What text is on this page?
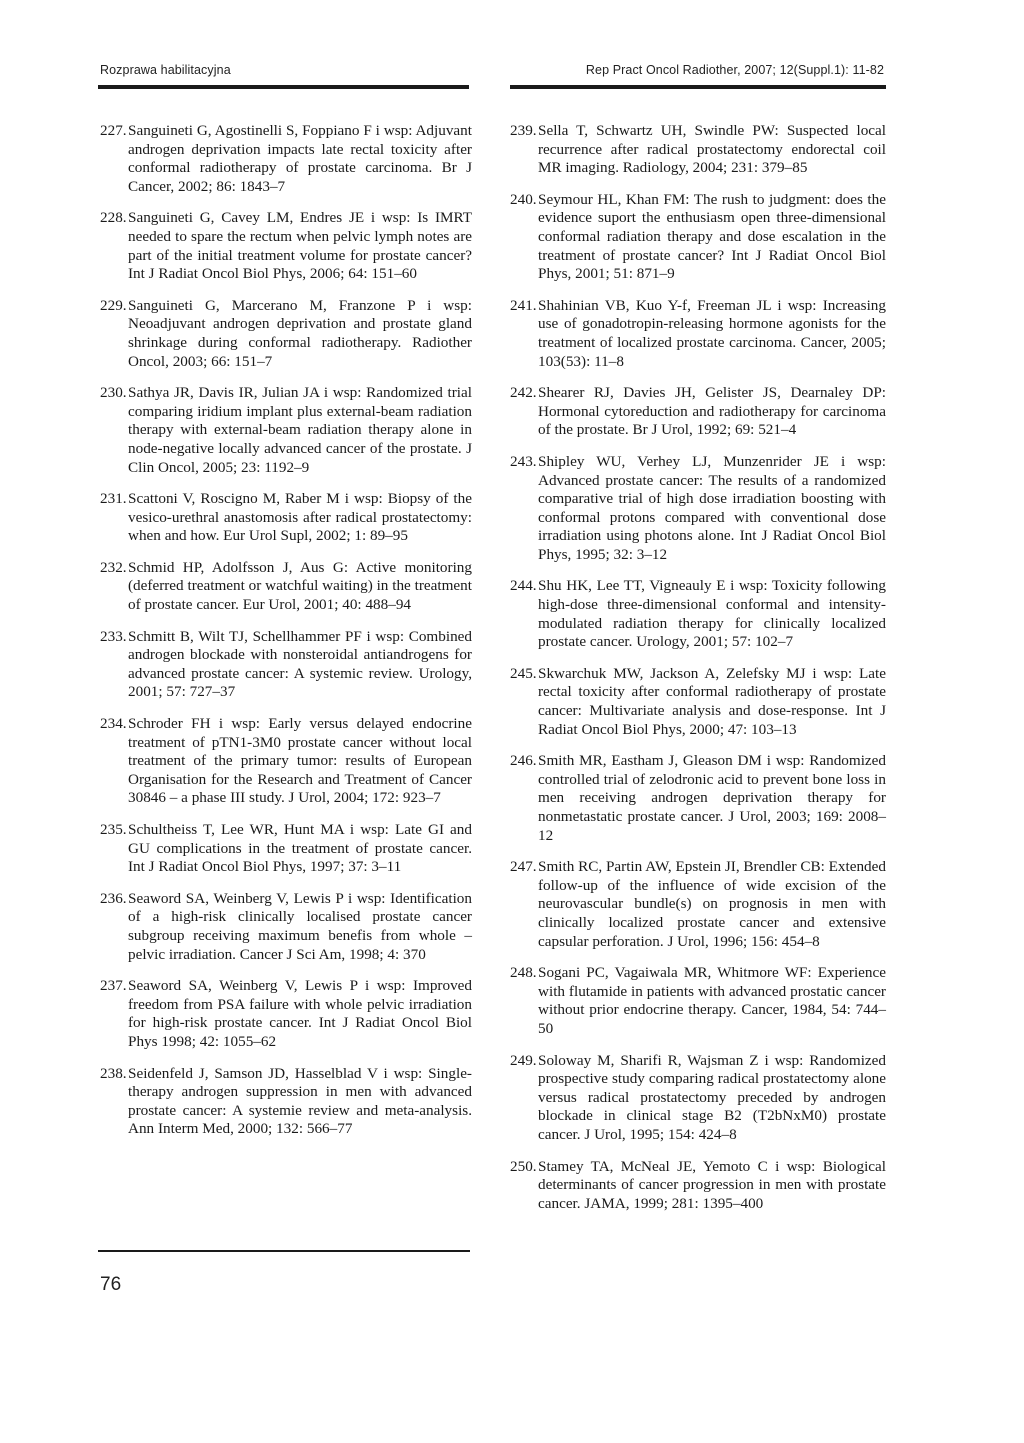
Rozprawa habilitacyjna	Rep Pract Oncol Radiother, 2007; 12(Suppl.1): 11-82
227. Sanguineti G, Agostinelli S, Foppiano F i wsp: Adjuvant androgen deprivation impacts late rectal toxicity after conformal radiotherapy of prostate carcinoma. Br J Cancer, 2002; 86: 1843–7
228. Sanguineti G, Cavey LM, Endres JE i wsp: Is IMRT needed to spare the rectum when pelvic lymph notes are part of the initial treatment volume for prostate cancer? Int J Radiat Oncol Biol Phys, 2006; 64: 151–60
229. Sanguineti G, Marcerano M, Franzone P i wsp: Neoadjuvant androgen deprivation and prostate gland shrinkage during conformal radiotherapy. Radiother Oncol, 2003; 66: 151–7
230. Sathya JR, Davis IR, Julian JA i wsp: Randomized trial comparing iridium implant plus external-beam radiation therapy with external-beam radiation therapy alone in node-negative locally advanced cancer of the prostate. J Clin Oncol, 2005; 23: 1192–9
231. Scattoni V, Roscigno M, Raber M i wsp: Biopsy of the vesico-urethral anastomosis after radical prostatectomy: when and how. Eur Urol Supl, 2002; 1: 89–95
232. Schmid HP, Adolfsson J, Aus G: Active monitoring (deferred treatment or watchful waiting) in the treatment of prostate cancer. Eur Urol, 2001; 40: 488–94
233. Schmitt B, Wilt TJ, Schellhammer PF i wsp: Combined androgen blockade with nonsteroidal antiandrogens for advanced prostate cancer: A systemic review. Urology, 2001; 57: 727–37
234. Schroder FH i wsp: Early versus delayed endocrine treatment of pTN1-3M0 prostate cancer without local treatment of the primary tumor: results of European Organisation for the Research and Treatment of Cancer 30846 – a phase III study. J Urol, 2004; 172: 923–7
235. Schultheiss T, Lee WR, Hunt MA i wsp: Late GI and GU complications in the treatment of prostate cancer. Int J Radiat Oncol Biol Phys, 1997; 37: 3–11
236. Seaword SA, Weinberg V, Lewis P i wsp: Identification of a high-risk clinically localised prostate cancer subgroup receiving maximum benefis from whole – pelvic irradiation. Cancer J Sci Am, 1998; 4: 370
237. Seaword SA, Weinberg V, Lewis P i wsp: Improved freedom from PSA failure with whole pelvic irradiation for high-risk prostate cancer. Int J Radiat Oncol Biol Phys 1998; 42: 1055–62
238. Seidenfeld J, Samson JD, Hasselblad V i wsp: Single-therapy androgen suppression in men with advanced prostate cancer: A systemie review and meta-analysis. Ann Interm Med, 2000; 132: 566–77
239. Sella T, Schwartz UH, Swindle PW: Suspected local recurrence after radical prostatectomy endorectal coil MR imaging. Radiology, 2004; 231: 379–85
240. Seymour HL, Khan FM: The rush to judgment: does the evidence suport the enthusiasm open three-dimensional conformal radiation therapy and dose escalation in the treatment of prostate cancer? Int J Radiat Oncol Biol Phys, 2001; 51: 871–9
241. Shahinian VB, Kuo Y-f, Freeman JL i wsp: Increasing use of gonadotropin-releasing hormone agonists for the treatment of localized prostate carcinoma. Cancer, 2005; 103(53): 11–8
242. Shearer RJ, Davies JH, Gelister JS, Dearnaley DP: Hormonal cytoreduction and radiotherapy for carcinoma of the prostate. Br J Urol, 1992; 69: 521–4
243. Shipley WU, Verhey LJ, Munzenrider JE i wsp: Advanced prostate cancer: The results of a randomized comparative trial of high dose irradiation boosting with conformal protons compared with conventional dose irradiation using photons alone. Int J Radiat Oncol Biol Phys, 1995; 32: 3–12
244. Shu HK, Lee TT, Vigneauly E i wsp: Toxicity following high-dose three-dimensional conformal and intensity-modulated radiation therapy for clinically localized prostate cancer. Urology, 2001; 57: 102–7
245. Skwarchuk MW, Jackson A, Zelefsky MJ i wsp: Late rectal toxicity after conformal radiotherapy of prostate cancer: Multivariate analysis and dose-response. Int J Radiat Oncol Biol Phys, 2000; 47: 103–13
246. Smith MR, Eastham J, Gleason DM i wsp: Randomized controlled trial of zelodronic acid to prevent bone loss in men receiving androgen deprivation therapy for nonmetastatic prostate cancer. J Urol, 2003; 169: 2008–12
247. Smith RC, Partin AW, Epstein JI, Brendler CB: Extended follow-up of the influence of wide excision of the neurovascular bundle(s) on prognosis in men with clinically localized prostate cancer and extensive capsular perforation. J Urol, 1996; 156: 454–8
248. Sogani PC, Vagaiwala MR, Whitmore WF: Experience with flutamide in patients with advanced prostatic cancer without prior endocrine therapy. Cancer, 1984, 54: 744–50
249. Soloway M, Sharifi R, Wajsman Z i wsp: Randomized prospective study comparing radical prostatectomy alone versus radical prostatectomy preceded by androgen blockade in clinical stage B2 (T2bNxM0) prostate cancer. J Urol, 1995; 154: 424–8
250. Stamey TA, McNeal JE, Yemoto C i wsp: Biological determinants of cancer progression in men with prostate cancer. JAMA, 1999; 281: 1395–400
76
